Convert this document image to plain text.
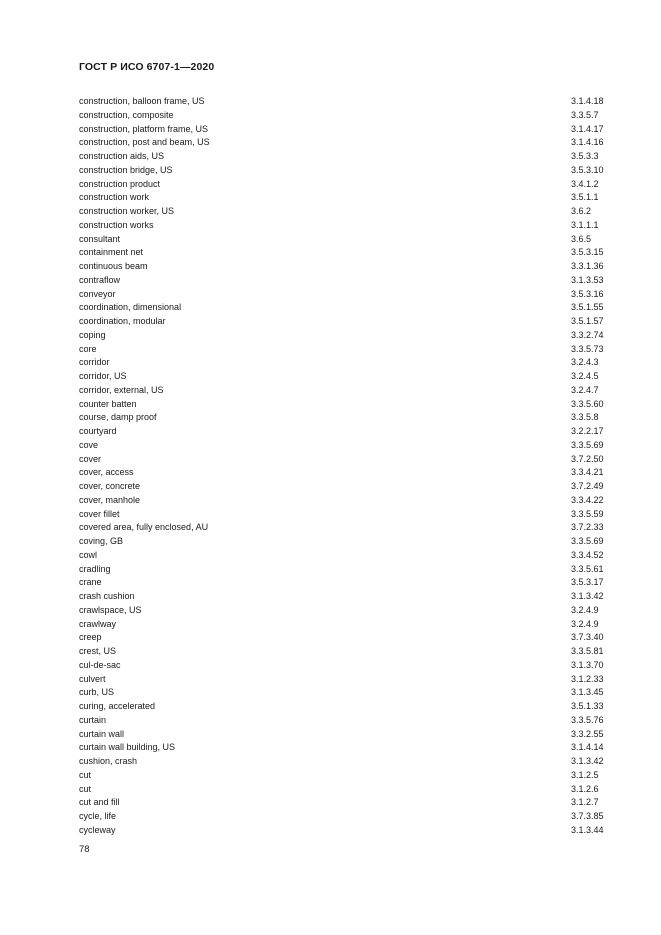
ГОСТ Р ИСО 6707-1—2020
construction, balloon frame, US	3.1.4.18
construction, composite	3.3.5.7
construction, platform frame, US	3.1.4.17
construction, post and beam, US	3.1.4.16
construction aids, US	3.5.3.3
construction bridge, US	3.5.3.10
construction product	3.4.1.2
construction work	3.5.1.1
construction worker, US	3.6.2
construction works	3.1.1.1
consultant	3.6.5
containment net	3.5.3.15
continuous beam	3.3.1.36
contraflow	3.1.3.53
conveyor	3.5.3.16
coordination, dimensional	3.5.1.55
coordination, modular	3.5.1.57
coping	3.3.2.74
core	3.3.5.73
corridor	3.2.4.3
corridor, US	3.2.4.5
corridor, external, US	3.2.4.7
counter batten	3.3.5.60
course, damp proof	3.3.5.8
courtyard	3.2.2.17
cove	3.3.5.69
cover	3.7.2.50
cover, access	3.3.4.21
cover, concrete	3.7.2.49
cover, manhole	3.3.4.22
cover fillet	3.3.5.59
covered area, fully enclosed, AU	3.7.2.33
coving, GB	3.3.5.69
cowl	3.3.4.52
cradling	3.3.5.61
crane	3.5.3.17
crash cushion	3.1.3.42
crawlspace, US	3.2.4.9
crawlway	3.2.4.9
creep	3.7.3.40
crest, US	3.3.5.81
cul-de-sac	3.1.3.70
culvert	3.1.2.33
curb, US	3.1.3.45
curing, accelerated	3.5.1.33
curtain	3.3.5.76
curtain wall	3.3.2.55
curtain wall building, US	3.1.4.14
cushion, crash	3.1.3.42
cut	3.1.2.5
cut	3.1.2.6
cut and fill	3.1.2.7
cycle, life	3.7.3.85
cycleway	3.1.3.44
78
